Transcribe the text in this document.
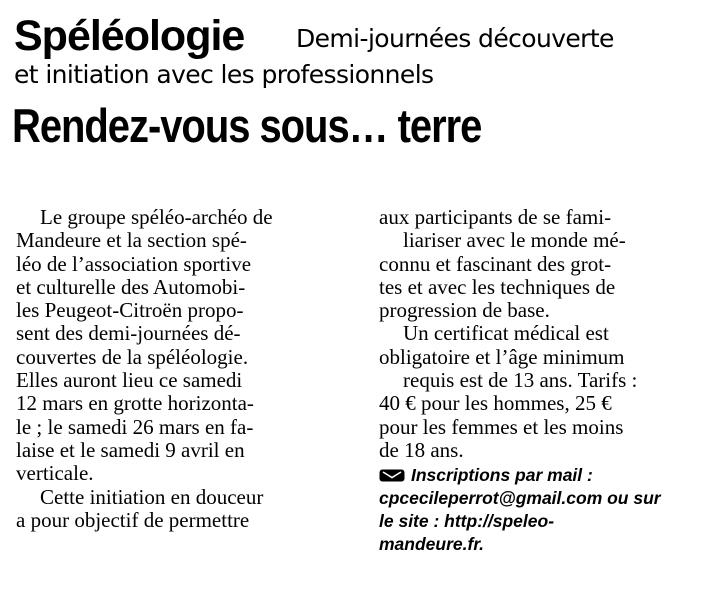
Spéléologie Demi-journées découverte
et initiation avec les professionnels
Rendez-vous sous… terre
Le groupe spéléo-archéo de
Mandeure et la section spé-
léo de l’association sportive
et culturelle des Automobi-
les Peugeot-Citroën propo-
sent des demi-journées dé-
couvertes de la spéléologie.
Elles auront lieu ce samedi
12 mars en grotte horizonta-
le ; le samedi 26 mars en fa-
laise et le samedi 9 avril en
verticale.
Cette initiation en douceur
a pour objectif de permettre
aux participants de se fami-
liariser avec le monde mé-
connu et fascinant des grot-
tes et avec les techniques de
progression de base.
Un certificat médical est
obligatoire et l’âge minimum
requis est de 13 ans. Tarifs :
40 € pour les hommes, 25 €
pour les femmes et les moins
de 18 ans.
Inscriptions par mail :
cpcecileperrot@gmail.com ou sur
le site : http://speleo-
mandeure.fr.
